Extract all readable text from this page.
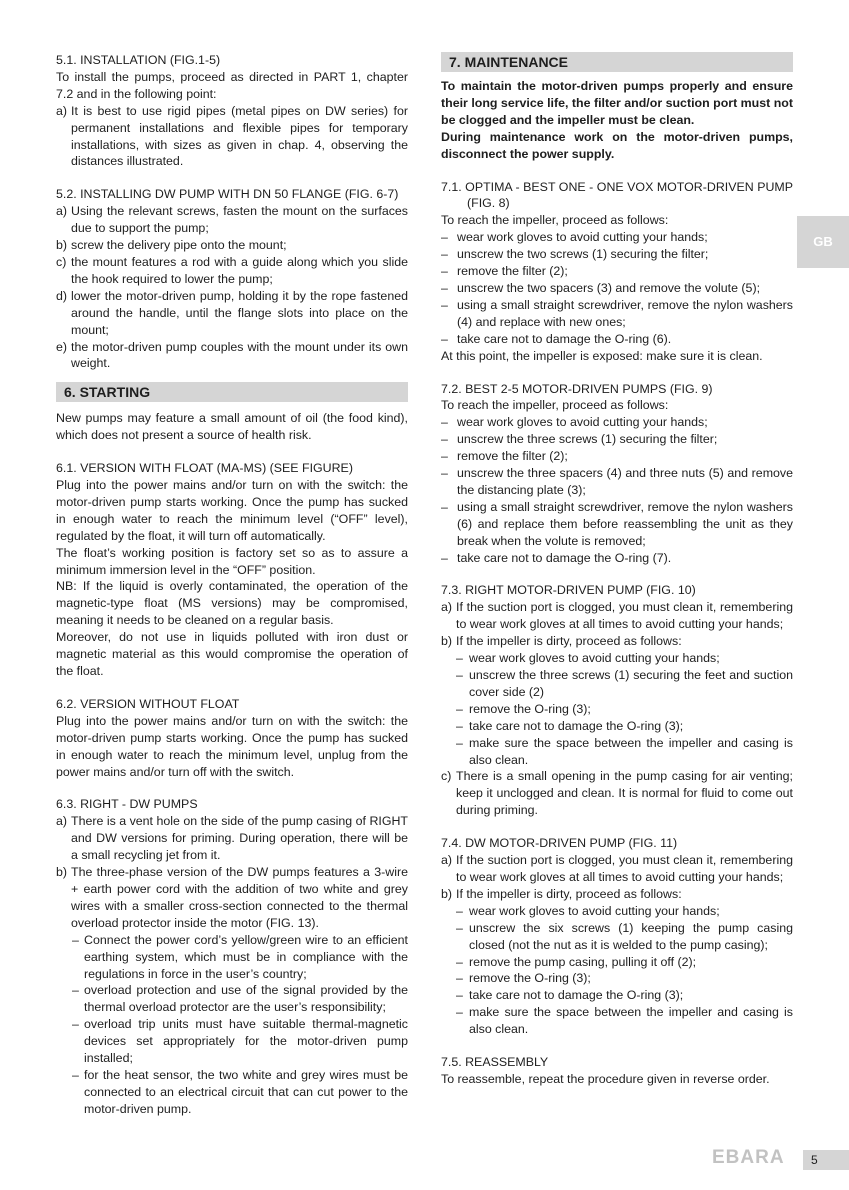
5.1. INSTALLATION (FIG.1-5)

To install the pumps, proceed as directed in PART 1, chapter 7.2 and in the following point:

a) It is best to use rigid pipes (metal pipes on DW series) for permanent installations and flexible pipes for temporary installations, with sizes as given in chap. 4, observing the distances illustrated.

5.2. INSTALLING DW PUMP WITH DN 50 FLANGE (FIG. 6-7)

a) Using the relevant screws, fasten the mount on the surfaces due to support the pump;
b) screw the delivery pipe onto the mount;
c) the mount features a rod with a guide along which you slide the hook required to lower the pump;
d) lower the motor-driven pump, holding it by the rope fastened around the handle, until the flange slots into place on the mount;
e) the motor-driven pump couples with the mount under its own weight.
6. STARTING

New pumps may feature a small amount of oil (the food kind), which does not present a source of health risk.

6.1. VERSION WITH FLOAT (MA-MS) (SEE FIGURE)

Plug into the power mains and/or turn on with the switch: the motor-driven pump starts working. Once the pump has sucked in enough water to reach the minimum level (“OFF” level), regulated by the float, it will turn off automatically.

The float’s working position is factory set so as to assure a minimum immersion level in the “OFF” position.

NB: If the liquid is overly contaminated, the operation of the magnetic-type float (MS versions) may be compromised, meaning it needs to be cleaned on a regular basis.

Moreover, do not use in liquids polluted with iron dust or magnetic material as this would compromise the operation of the float.

6.2. VERSION WITHOUT FLOAT

Plug into the power mains and/or turn on with the switch: the motor-driven pump starts working. Once the pump has sucked in enough water to reach the minimum level, unplug from the power mains and/or turn off with the switch.

6.3. RIGHT - DW PUMPS

a) There is a vent hole on the side of the pump casing of RIGHT and DW versions for priming. During operation, there will be a small recycling jet from it.
b) The three-phase version of the DW pumps features a 3-wire + earth power cord with the addition of two white and grey wires with a smaller cross-section connected to the thermal overload protector inside the motor (FIG. 13).
– Connect the power cord’s yellow/green wire to an efficient earthing system, which must be in compliance with the regulations in force in the user’s country;
– overload protection and use of the signal provided by the thermal overload protector are the user’s responsibility;
– overload trip units must have suitable thermal-magnetic devices set appropriately for the motor-driven pump installed;
– for the heat sensor, the two white and grey wires must be connected to an electrical circuit that can cut power to the motor-driven pump.
7. MAINTENANCE

To maintain the motor-driven pumps properly and ensure their long service life, the filter and/or suction port must not be clogged and the impeller must be clean.

During maintenance work on the motor-driven pumps, disconnect the power supply.

7.1. OPTIMA - BEST ONE - ONE VOX MOTOR-DRIVEN PUMP (FIG. 8)

To reach the impeller, proceed as follows:

– wear work gloves to avoid cutting your hands;
– unscrew the two screws (1) securing the filter;
– remove the filter (2);
– unscrew the two spacers (3) and remove the volute (5);
– using a small straight screwdriver, remove the nylon washers (4) and replace with new ones;
– take care not to damage the O-ring (6).

At this point, the impeller is exposed: make sure it is clean.

7.2. BEST 2-5 MOTOR-DRIVEN PUMPS (FIG. 9)

To reach the impeller, proceed as follows:

– wear work gloves to avoid cutting your hands;
– unscrew the three screws (1) securing the filter;
– remove the filter (2);
– unscrew the three spacers (4) and three nuts (5) and remove the distancing plate (3);
– using a small straight screwdriver, remove the nylon washers (6) and replace them before reassembling the unit as they break when the volute is removed;
– take care not to damage the O-ring (7).

7.3. RIGHT MOTOR-DRIVEN PUMP (FIG. 10)

a) If the suction port is clogged, you must clean it, remembering to wear work gloves at all times to avoid cutting your hands;
b) If the impeller is dirty, proceed as follows:
– wear work gloves to avoid cutting your hands;
– unscrew the three screws (1) securing the feet and suction cover side (2)
– remove the O-ring (3);
– take care not to damage the O-ring (3);
– make sure the space between the impeller and casing is also clean.
c) There is a small opening in the pump casing for air venting; keep it unclogged and clean. It is normal for fluid to come out during priming.

7.4. DW MOTOR-DRIVEN PUMP (FIG. 11)

a) If the suction port is clogged, you must clean it, remembering to wear work gloves at all times to avoid cutting your hands;
b) If the impeller is dirty, proceed as follows:
– wear work gloves to avoid cutting your hands;
– unscrew the six screws (1) keeping the pump casing closed (not the nut as it is welded to the pump casing);
– remove the pump casing, pulling it off (2);
– remove the O-ring (3);
– take care not to damage the O-ring (3);
– make sure the space between the impeller and casing is also clean.

7.5. REASSEMBLY

To reassemble, repeat the procedure given in reverse order.

GB
EBARA	5
